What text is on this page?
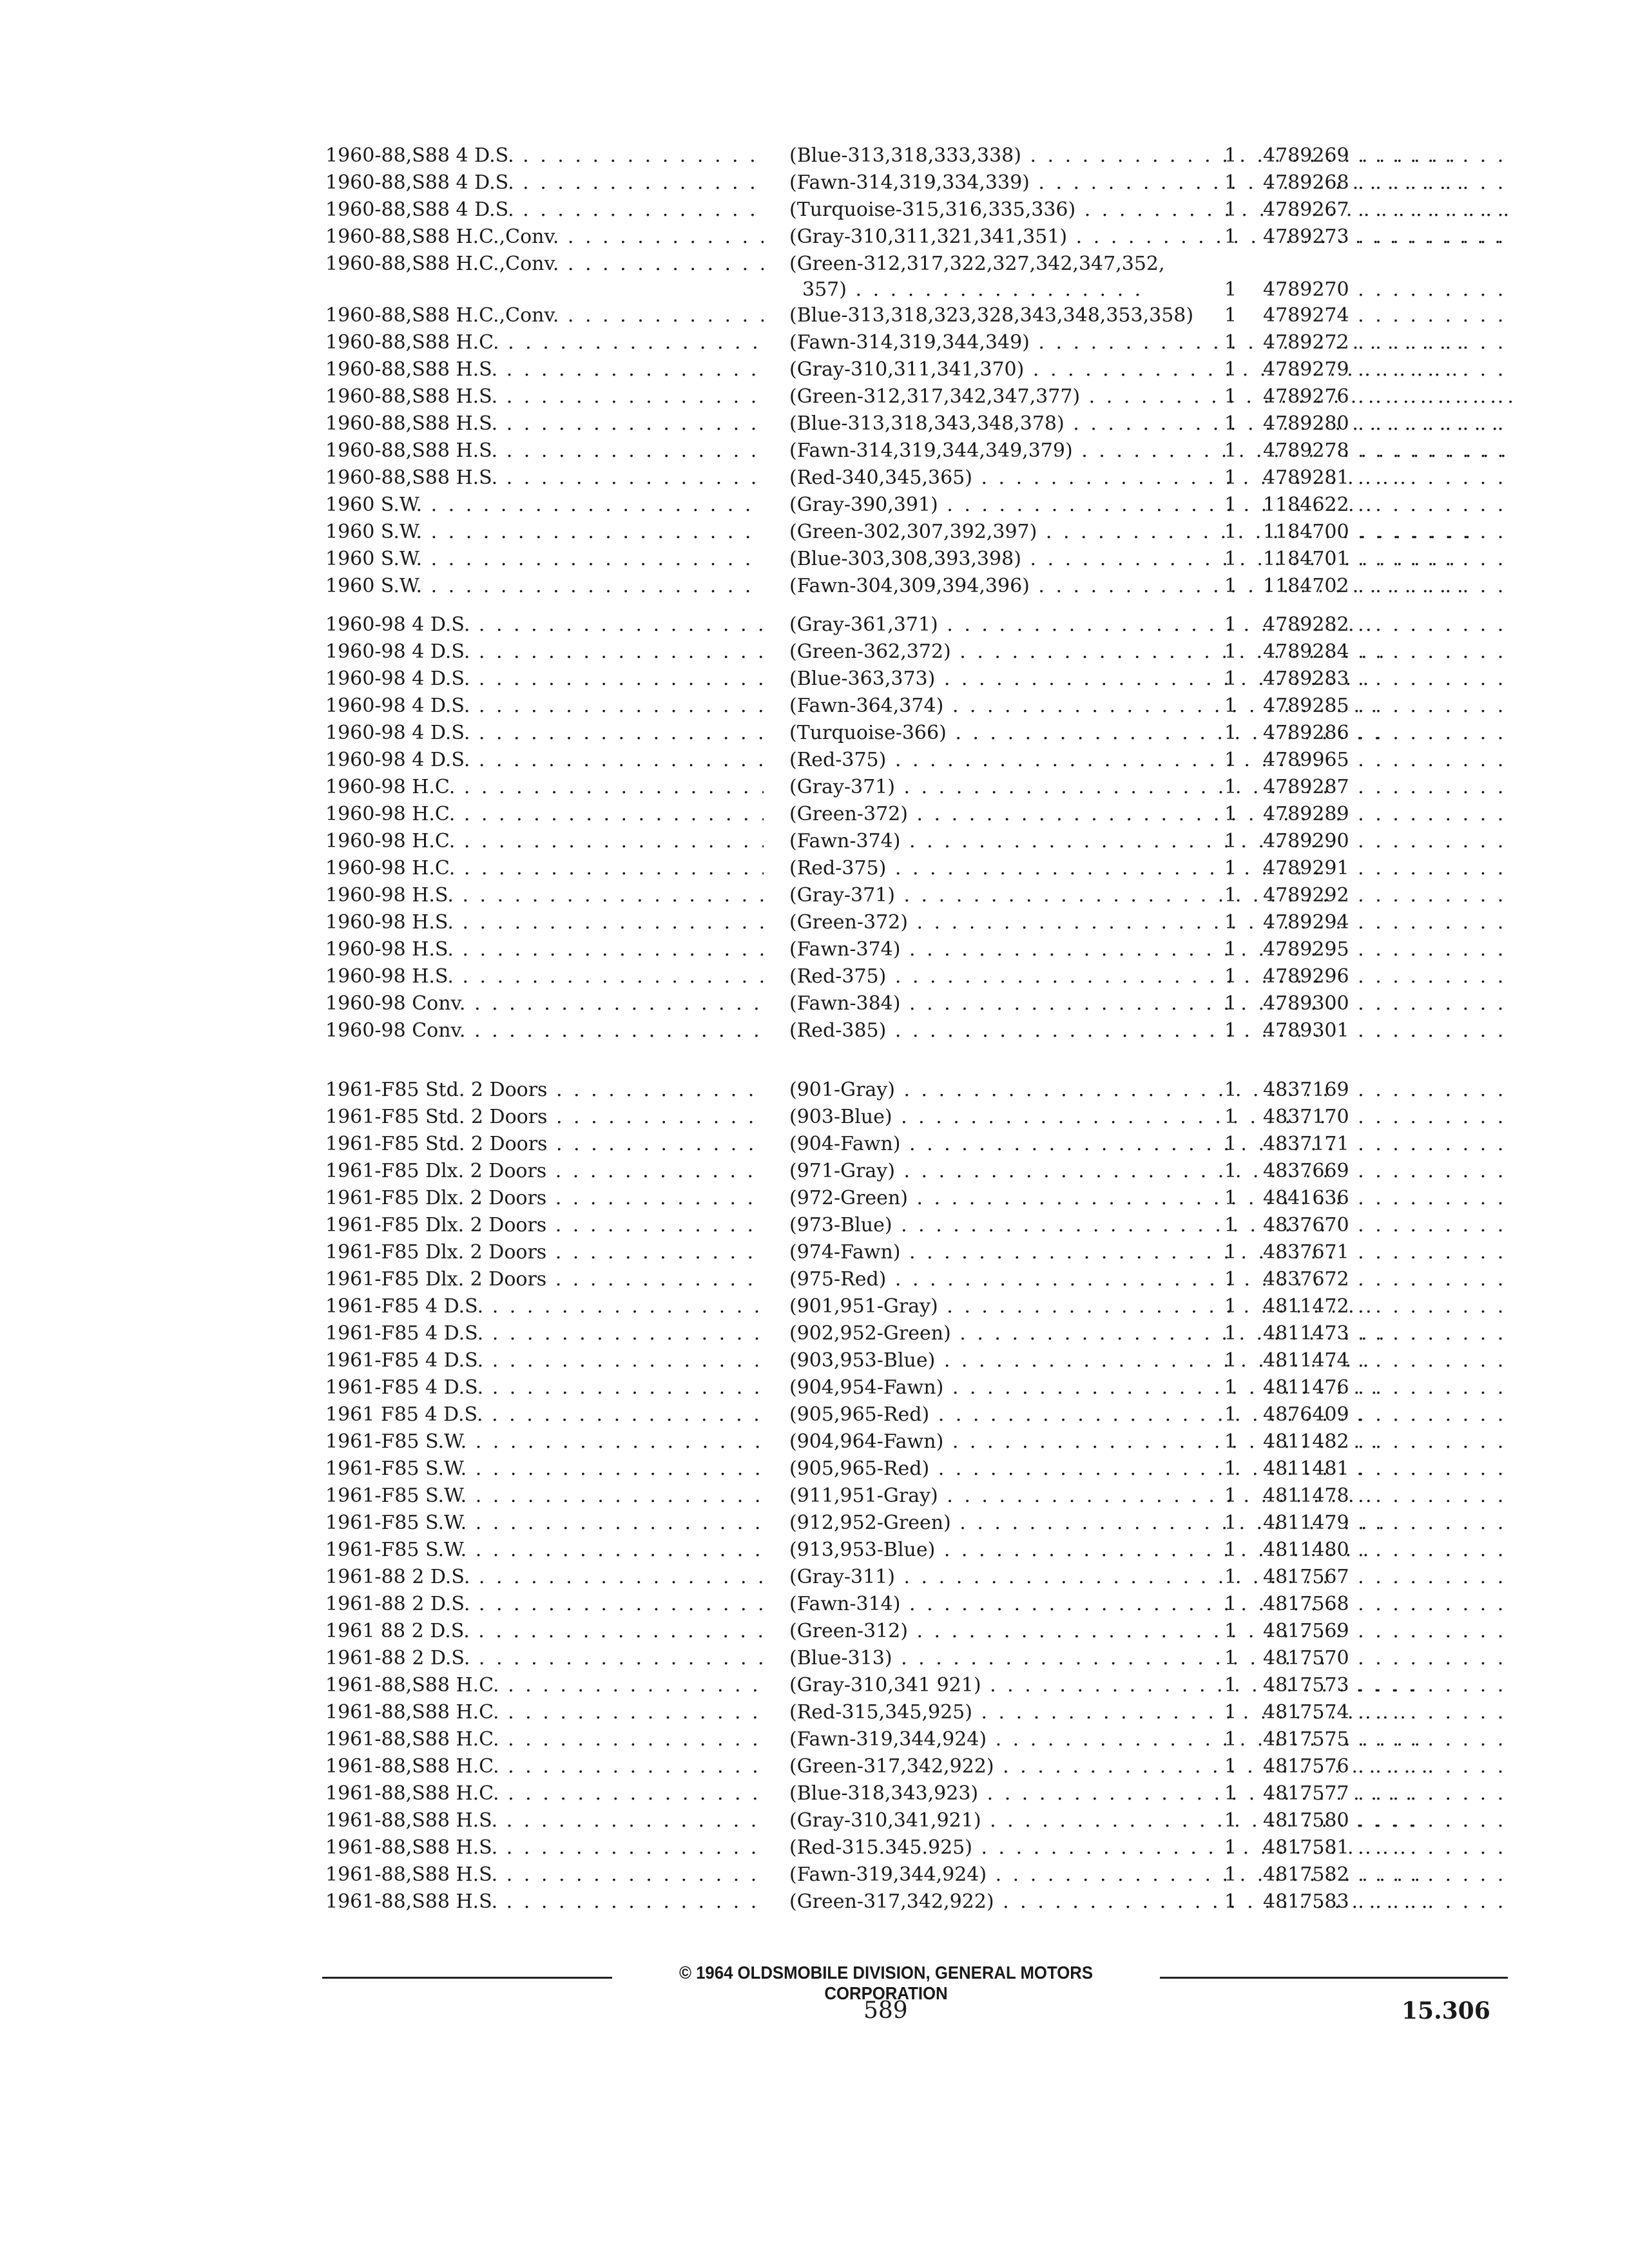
1960-88,S88 4 D.S. . . .	(Blue-313,318,333,338) . . .	1	4789269 . . .
1960-88,S88 4 D.S. . . .	(Fawn-314,319,334,339) . . .	1	4789268 . . .
1960-88,S88 4 D.S. . . .	(Turquoise-315,316,335,336) . . .	1	4789267 . . .
1960-88,S88 H.C.,Conv. . . .	(Gray-310,311,321,341,351) . . .	1	4789273 . . .
1960-88,S88 H.C.,Conv. . . .	(Green-312,317,322,327,342,347,352,
357) . . .	1	4789270 . . .
1960-88,S88 H.C.,Conv. . . .	(Blue-313,318,323,328,343,348,353,358)	1	4789274 . . .
1960-88,S88 H.C. . . .	(Fawn-314,319,344,349) . . .	1	4789272 . . .
1960-88,S88 H.S. . . .	(Gray-310,311,341,370) . . .	1	4789279 . . .
1960-88,S88 H.S. . . .	(Green-312,317,342,347,377) . . .	1	4789276 . . .
1960-88,S88 H.S. . . .	(Blue-313,318,343,348,378) . . .	1	4789280 . . .
1960-88,S88 H.S. . . .	(Fawn-314,319,344,349,379) . . .	1	4789278 . . .
1960-88,S88 H.S. . . .	(Red-340,345,365) . . .	1	4789281 . . .
1960 S.W. . . .	(Gray-390,391) . . .	1	1184622 . . .
1960 S.W. . . .	(Green-302,307,392,397) . . .	1	1184700 . . .
1960 S.W. . . .	(Blue-303,308,393,398) . . .	1	1184701 . . .
1960 S.W. . . .	(Fawn-304,309,394,396) . . .	1	1184702 . . .
1960-98 4 D.S. . . .	(Gray-361,371) . . .	1	4789282 . . .
1960-98 4 D.S. . . .	(Green-362,372) . . .	1	4789284 . . .
1960-98 4 D.S. . . .	(Blue-363,373) . . .	1	4789283 . . .
1960-98 4 D.S. . . .	(Fawn-364,374) . . .	1	4789285 . . .
1960-98 4 D.S. . . .	(Turquoise-366) . . .	1	4789286 . . .
1960-98 4 D.S. . . .	(Red-375) . . .	1	4789965 . . .
1960-98 H.C. . . .	(Gray-371) . . .	1	4789287 . . .
1960-98 H.C. . . .	(Green-372) . . .	1	4789289 . . .
1960-98 H.C. . . .	(Fawn-374) . . .	1	4789290 . . .
1960-98 H.C. . . .	(Red-375) . . .	1	4789291 . . .
1960-98 H.S. . . .	(Gray-371) . . .	1	4789292 . . .
1960-98 H.S. . . .	(Green-372) . . .	1	4789294 . . .
1960-98 H.S. . . .	(Fawn-374) . . .	1	4789295 . . .
1960-98 H.S. . . .	(Red-375) . . .	1	4789296 . . .
1960-98 Conv. . . .	(Fawn-384) . . .	1	4789300 . . .
1960-98 Conv. . . .	(Red-385) . . .	1	4789301 . . .
1961-F85 Std. 2 Doors . . .	(901-Gray) . . .	1	4837169 . . .
1961-F85 Std. 2 Doors . . .	(903-Blue) . . .	1	4837170 . . .
1961-F85 Std. 2 Doors . . .	(904-Fawn) . . .	1	4837171 . . .
1961-F85 Dlx. 2 Doors . . .	(971-Gray) . . .	1	4837669 . . .
1961-F85 Dlx. 2 Doors . . .	(972-Green) . . .	1	4841636 . . .
1961-F85 Dlx. 2 Doors . . .	(973-Blue) . . .	1	4837670 . . .
1961-F85 Dlx. 2 Doors . . .	(974-Fawn) . . .	1	4837671 . . .
1961-F85 Dlx. 2 Doors . . .	(975-Red) . . .	1	4837672 . . .
1961-F85 4 D.S. . . .	(901,951-Gray) . . .	1	4811472 . . .
1961-F85 4 D.S. . . .	(902,952-Green) . . .	1	4811473 . . .
1961-F85 4 D.S. . . .	(903,953-Blue) . . .	1	4811474 . . .
1961-F85 4 D.S. . . .	(904,954-Fawn) . . .	1	4811476 . . .
1961 F85 4 D.S. . . .	(905,965-Red) . . .	1	4876409 . . .
1961-F85 S.W. . . .	(904,964-Fawn) . . .	1	4811482 . . .
1961-F85 S.W. . . .	(905,965-Red) . . .	1	4811481 . . .
1961-F85 S.W. . . .	(911,951-Gray) . . .	1	4811478 . . .
1961-F85 S.W. . . .	(912,952-Green) . . .	1	4811479 . . .
1961-F85 S.W. . . .	(913,953-Blue) . . .	1	4811480 . . .
1961-88 2 D.S. . . .	(Gray-311) . . .	1	4817567 . . .
1961-88 2 D.S. . . .	(Fawn-314) . . .	1	4817568 . . .
1961 88 2 D.S. . . .	(Green-312) . . .	1	4817569 . . .
1961-88 2 D.S. . . .	(Blue-313) . . .	1	4817570 . . .
1961-88,S88 H.C. . . .	(Gray-310,341 921) . . .	1	4817573 . . .
1961-88,S88 H.C. . . .	(Red-315,345,925) . . .	1	4817574 . . .
1961-88,S88 H.C. . . .	(Fawn-319,344,924) . . .	1	4817575 . . .
1961-88,S88 H.C. . . .	(Green-317,342,922) . . .	1	4817576 . . .
1961-88,S88 H.C. . . .	(Blue-318,343,923) . . .	1	4817577 . . .
1961-88,S88 H.S. . . .	(Gray-310,341,921) . . .	1	4817580 . . .
1961-88,S88 H.S. . . .	(Red-315.345.925) . . .	1	4817581 . . .
1961-88,S88 H.S. . . .	(Fawn-319,344,924) . . .	1	4817582 . . .
1961-88,S88 H.S. . . .	(Green-317,342,922) . . .	1	4817583 . . .
© 1964 OLDSMOBILE DIVISION, GENERAL MOTORS CORPORATION
589	15.306
